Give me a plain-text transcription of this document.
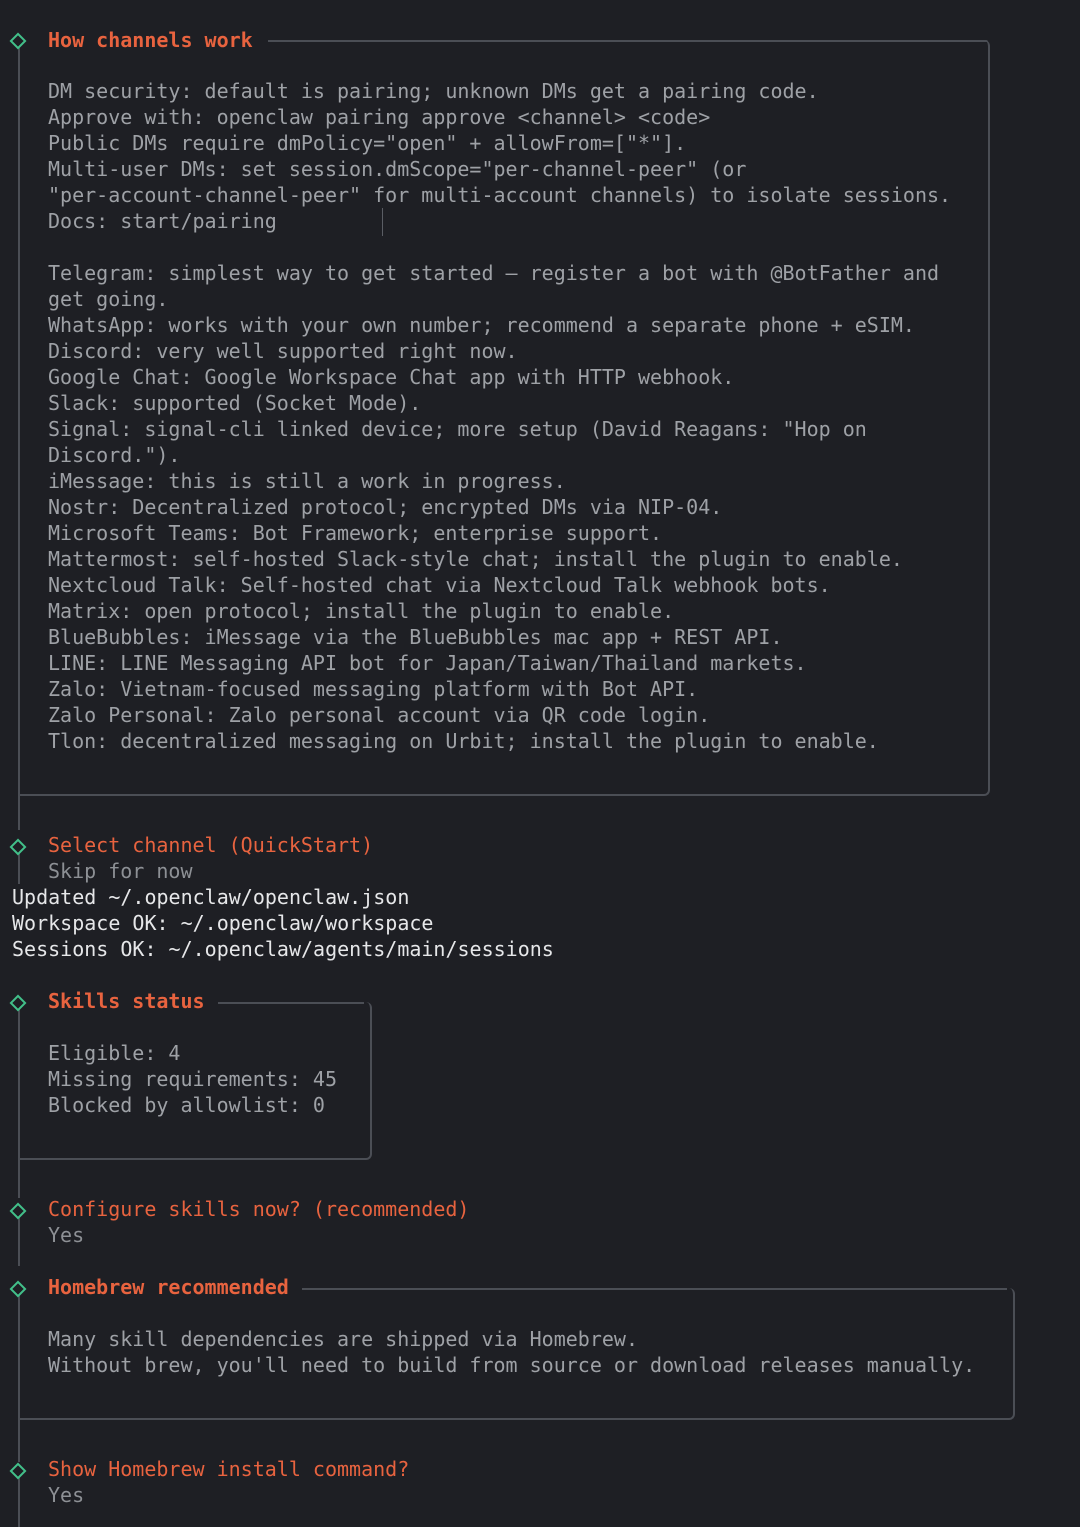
How channels work
DM security: default is pairing; unknown DMs get a pairing code.
Approve with: openclaw pairing approve <channel> <code>
Public DMs require dmPolicy="open" + allowFrom=["*"].
Multi-user DMs: set session.dmScope="per-channel-peer" (or
"per-account-channel-peer" for multi-account channels) to isolate sessions.
Docs: start/pairing
Telegram: simplest way to get started — register a bot with @BotFather and
get going.
WhatsApp: works with your own number; recommend a separate phone + eSIM.
Discord: very well supported right now.
Google Chat: Google Workspace Chat app with HTTP webhook.
Slack: supported (Socket Mode).
Signal: signal-cli linked device; more setup (David Reagans: "Hop on
Discord.").
iMessage: this is still a work in progress.
Nostr: Decentralized protocol; encrypted DMs via NIP-04.
Microsoft Teams: Bot Framework; enterprise support.
Mattermost: self-hosted Slack-style chat; install the plugin to enable.
Nextcloud Talk: Self-hosted chat via Nextcloud Talk webhook bots.
Matrix: open protocol; install the plugin to enable.
BlueBubbles: iMessage via the BlueBubbles mac app + REST API.
LINE: LINE Messaging API bot for Japan/Taiwan/Thailand markets.
Zalo: Vietnam-focused messaging platform with Bot API.
Zalo Personal: Zalo personal account via QR code login.
Tlon: decentralized messaging on Urbit; install the plugin to enable.
Select channel (QuickStart)
Skip for now
Updated ~/.openclaw/openclaw.json
Workspace OK: ~/.openclaw/workspace
Sessions OK: ~/.openclaw/agents/main/sessions
Skills status
Eligible: 4
Missing requirements: 45
Blocked by allowlist: 0
Configure skills now? (recommended)
Yes
Homebrew recommended
Many skill dependencies are shipped via Homebrew.
Without brew, you'll need to build from source or download releases manually.
Show Homebrew install command?
Yes
